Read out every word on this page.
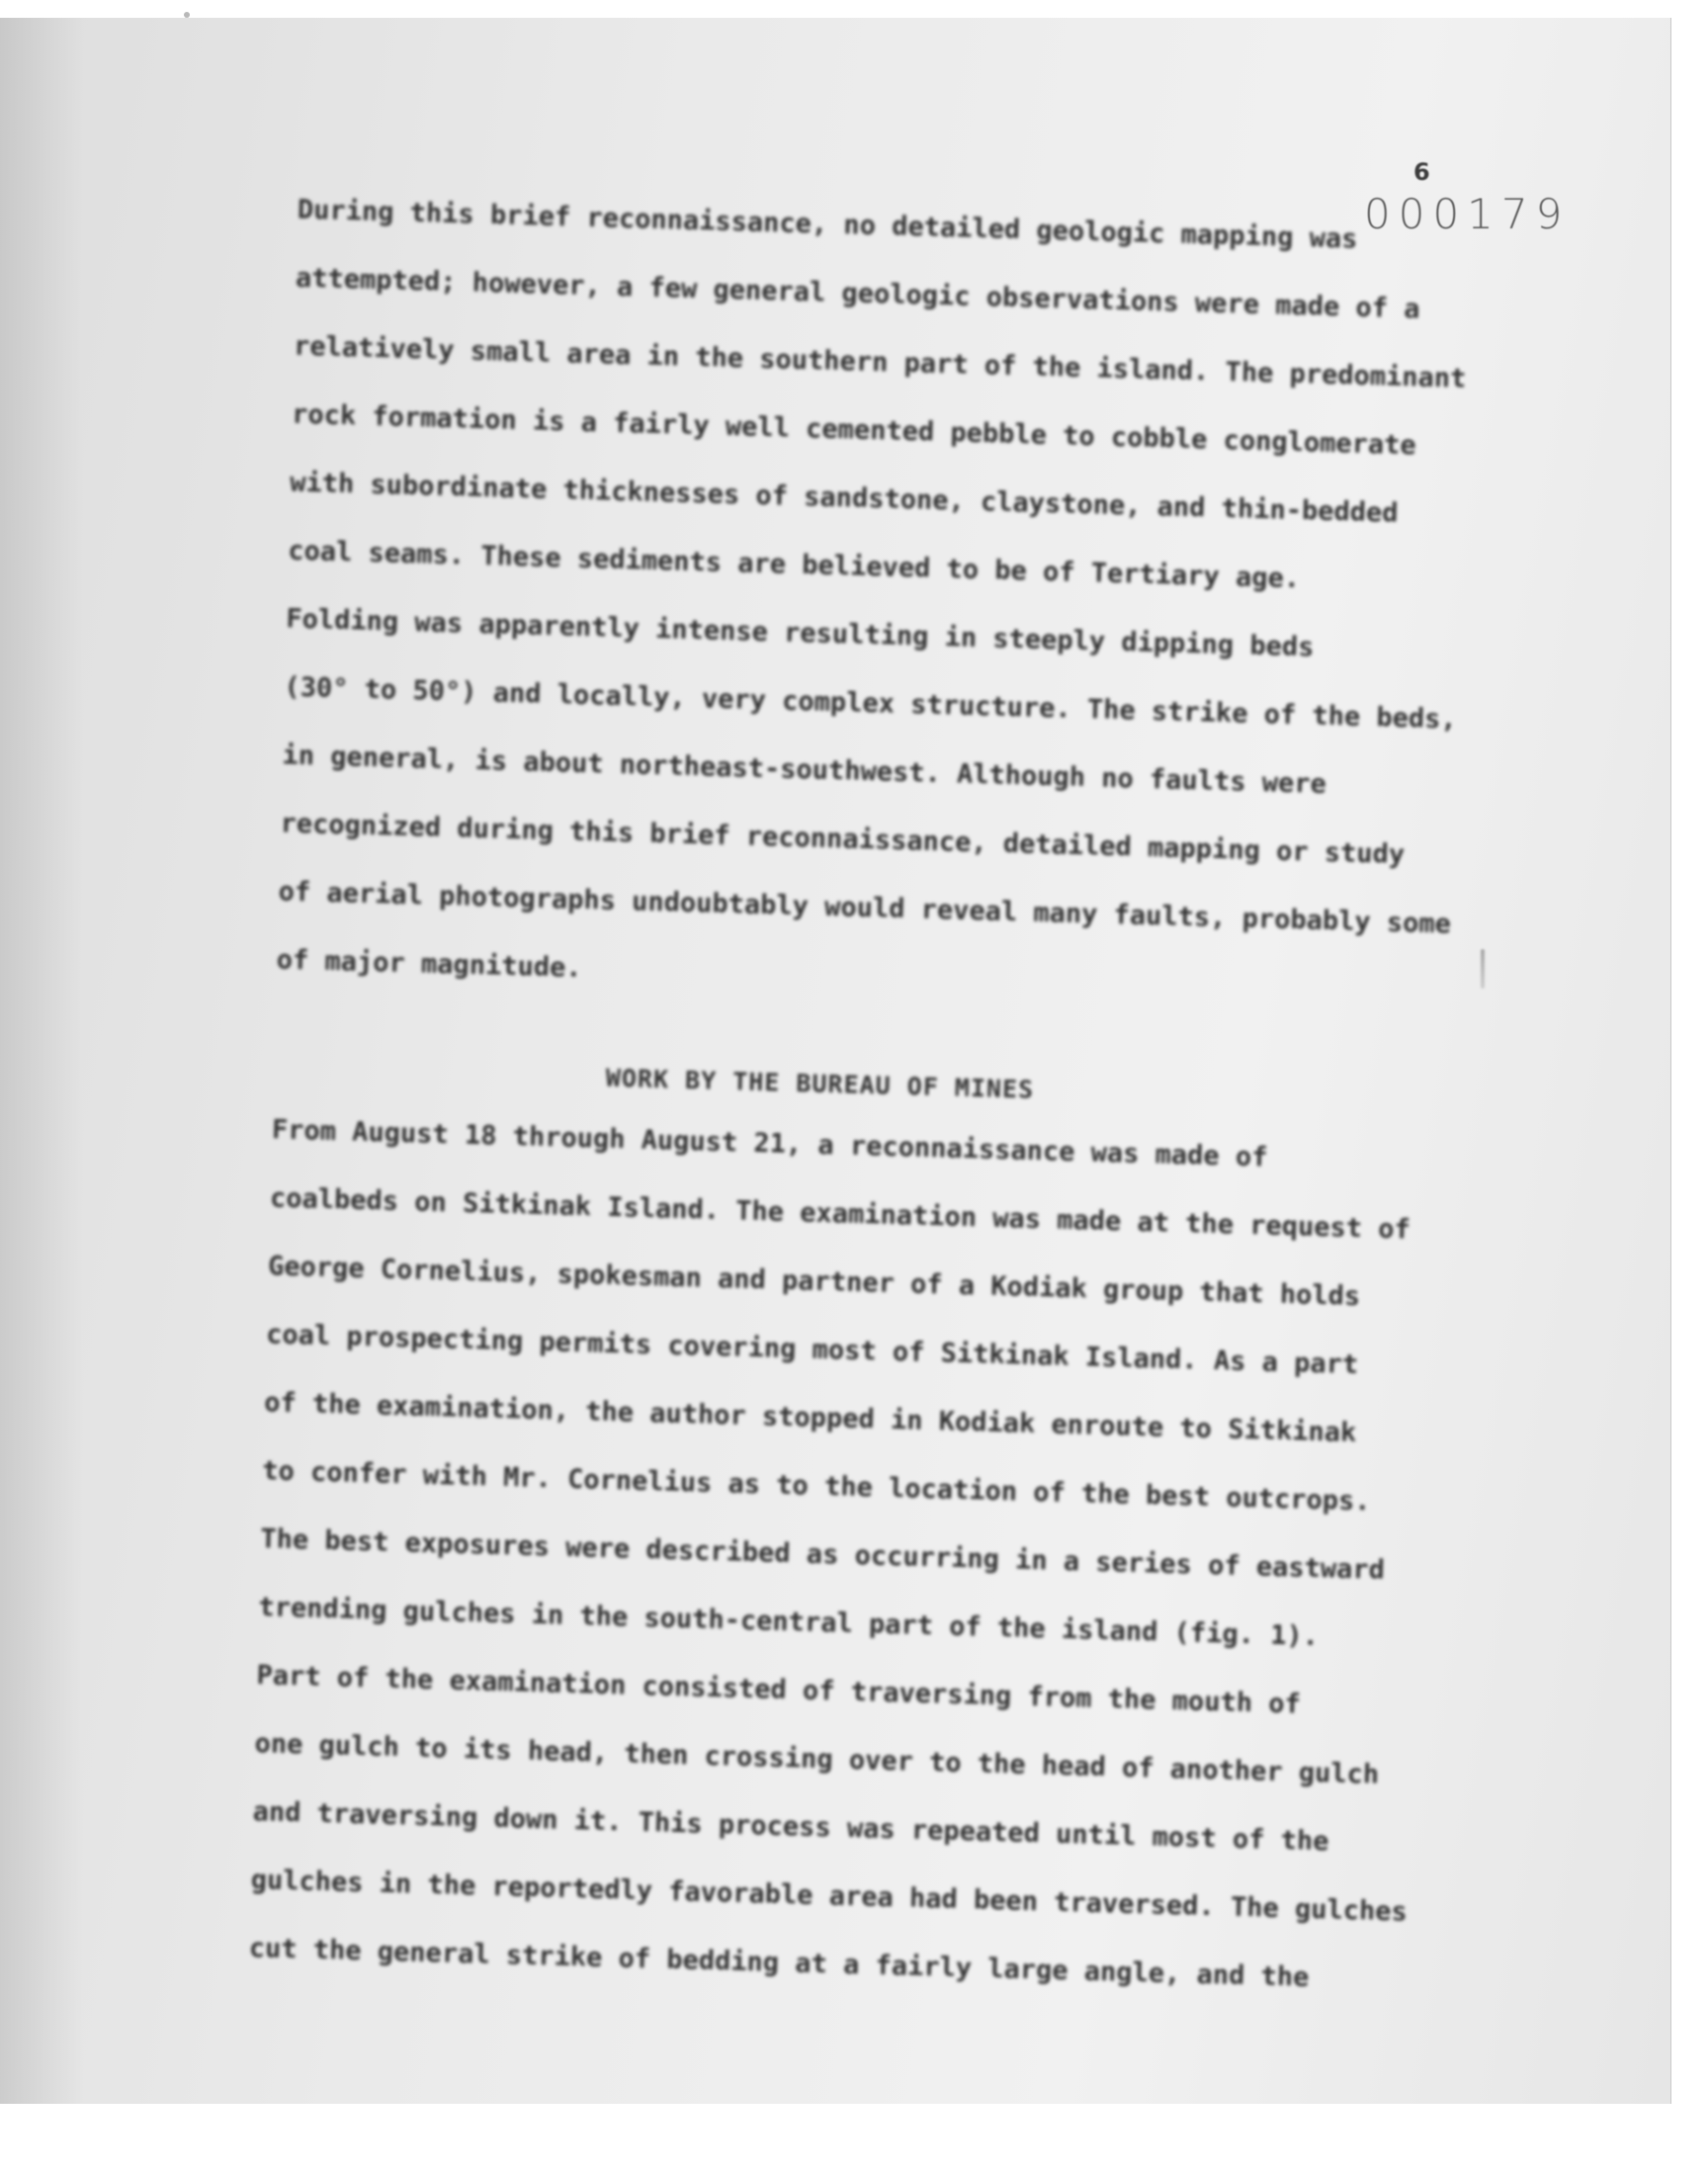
6
000179

During this brief reconnaissance, no detailed geologic mapping was
attempted; however, a few general geologic observations were made of a
relatively small area in the southern part of the island. The predominant
rock formation is a fairly well cemented pebble to cobble conglomerate
with subordinate thicknesses of sandstone, claystone, and thin-bedded
coal seams. These sediments are believed to be of Tertiary age.

Folding was apparently intense resulting in steeply dipping beds
(30° to 50°) and locally, very complex structure. The strike of the beds,
in general, is about northeast-southwest. Although no faults were
recognized during this brief reconnaissance, detailed mapping or study
of aerial photographs undoubtably would reveal many faults, probably some
of major magnitude.

WORK BY THE BUREAU OF MINES

From August 18 through August 21, a reconnaissance was made of
coalbeds on Sitkinak Island. The examination was made at the request of
George Cornelius, spokesman and partner of a Kodiak group that holds
coal prospecting permits covering most of Sitkinak Island. As a part
of the examination, the author stopped in Kodiak enroute to Sitkinak
to confer with Mr. Cornelius as to the location of the best outcrops.
The best exposures were described as occurring in a series of eastward
trending gulches in the south-central part of the island (fig. 1).

Part of the examination consisted of traversing from the mouth of
one gulch to its head, then crossing over to the head of another gulch
and traversing down it. This process was repeated until most of the
gulches in the reportedly favorable area had been traversed. The gulches
cut the general strike of bedding at a fairly large angle, and the
